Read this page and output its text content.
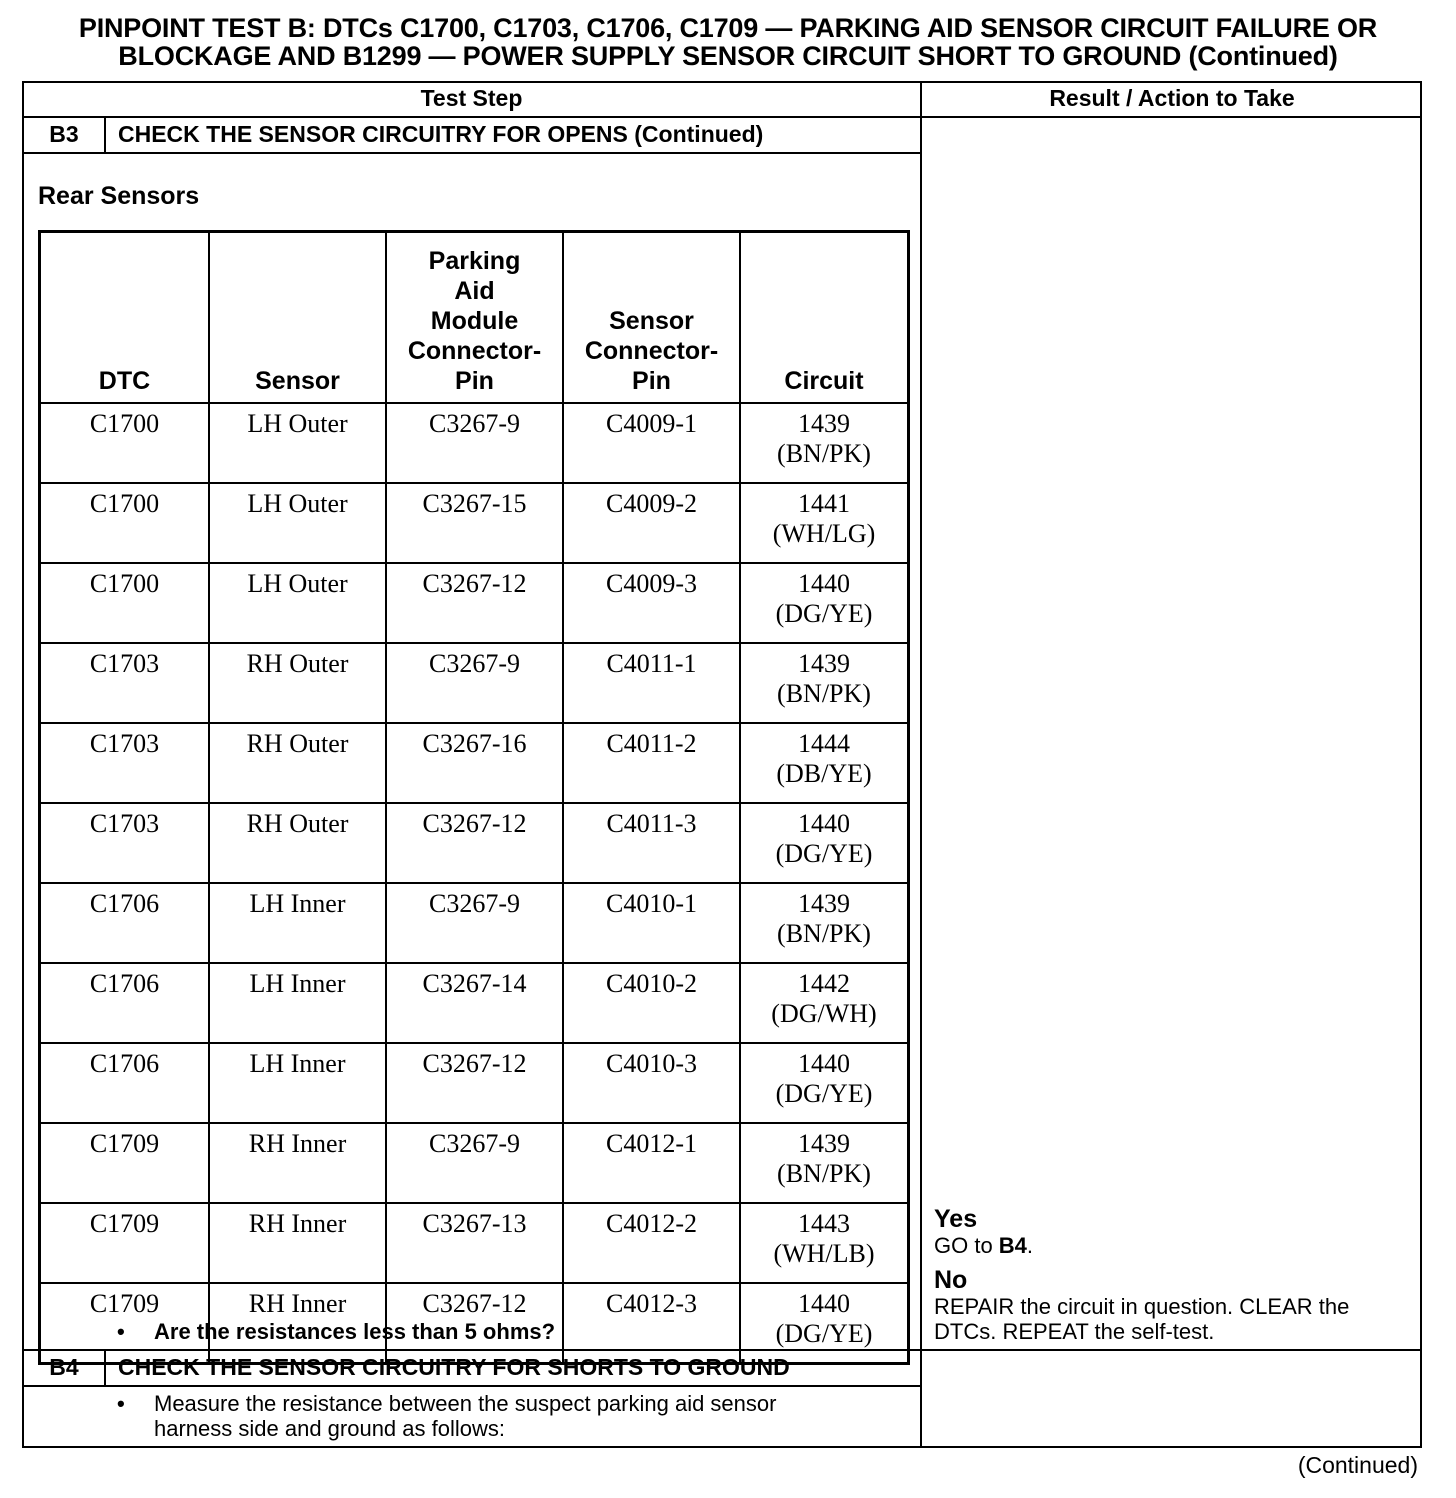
PINPOINT TEST B: DTCs C1700, C1703, C1706, C1709 — PARKING AID SENSOR CIRCUIT FAILURE OR
BLOCKAGE AND B1299 — POWER SUPPLY SENSOR CIRCUIT SHORT TO GROUND (Continued)
Test Step	Result / Action to Take
B3	CHECK THE SENSOR CIRCUITRY FOR OPENS (Continued)
Rear Sensors
DTC	Sensor	Parking
Aid
Module
Connector-
Pin	Sensor
Connector-
Pin	Circuit

C1700	LH Outer	C3267-9	C4009-1	1439
(BN/PK)

C1700	LH Outer	C3267-15	C4009-2	1441
(WH/LG)

C1700	LH Outer	C3267-12	C4009-3	1440
(DG/YE)

C1703	RH Outer	C3267-9	C4011-1	1439
(BN/PK)

C1703	RH Outer	C3267-16	C4011-2	1444
(DB/YE)

C1703	RH Outer	C3267-12	C4011-3	1440
(DG/YE)

C1706	LH Inner	C3267-9	C4010-1	1439
(BN/PK)

C1706	LH Inner	C3267-14	C4010-2	1442
(DG/WH)

C1706	LH Inner	C3267-12	C4010-3	1440
(DG/YE)

C1709	RH Inner	C3267-9	C4012-1	1439
(BN/PK)

C1709	RH Inner	C3267-13	C4012-2	1443
(WH/LB)

C1709	RH Inner	C3267-12	C4012-3	1440
(DG/YE)
• Are the resistances less than 5 ohms?
Yes
GO to B4.
No
REPAIR the circuit in question. CLEAR the
DTCs. REPEAT the self-test.
B4	CHECK THE SENSOR CIRCUITRY FOR SHORTS TO GROUND
• Measure the resistance between the suspect parking aid sensor
harness side and ground as follows:
(Continued)
